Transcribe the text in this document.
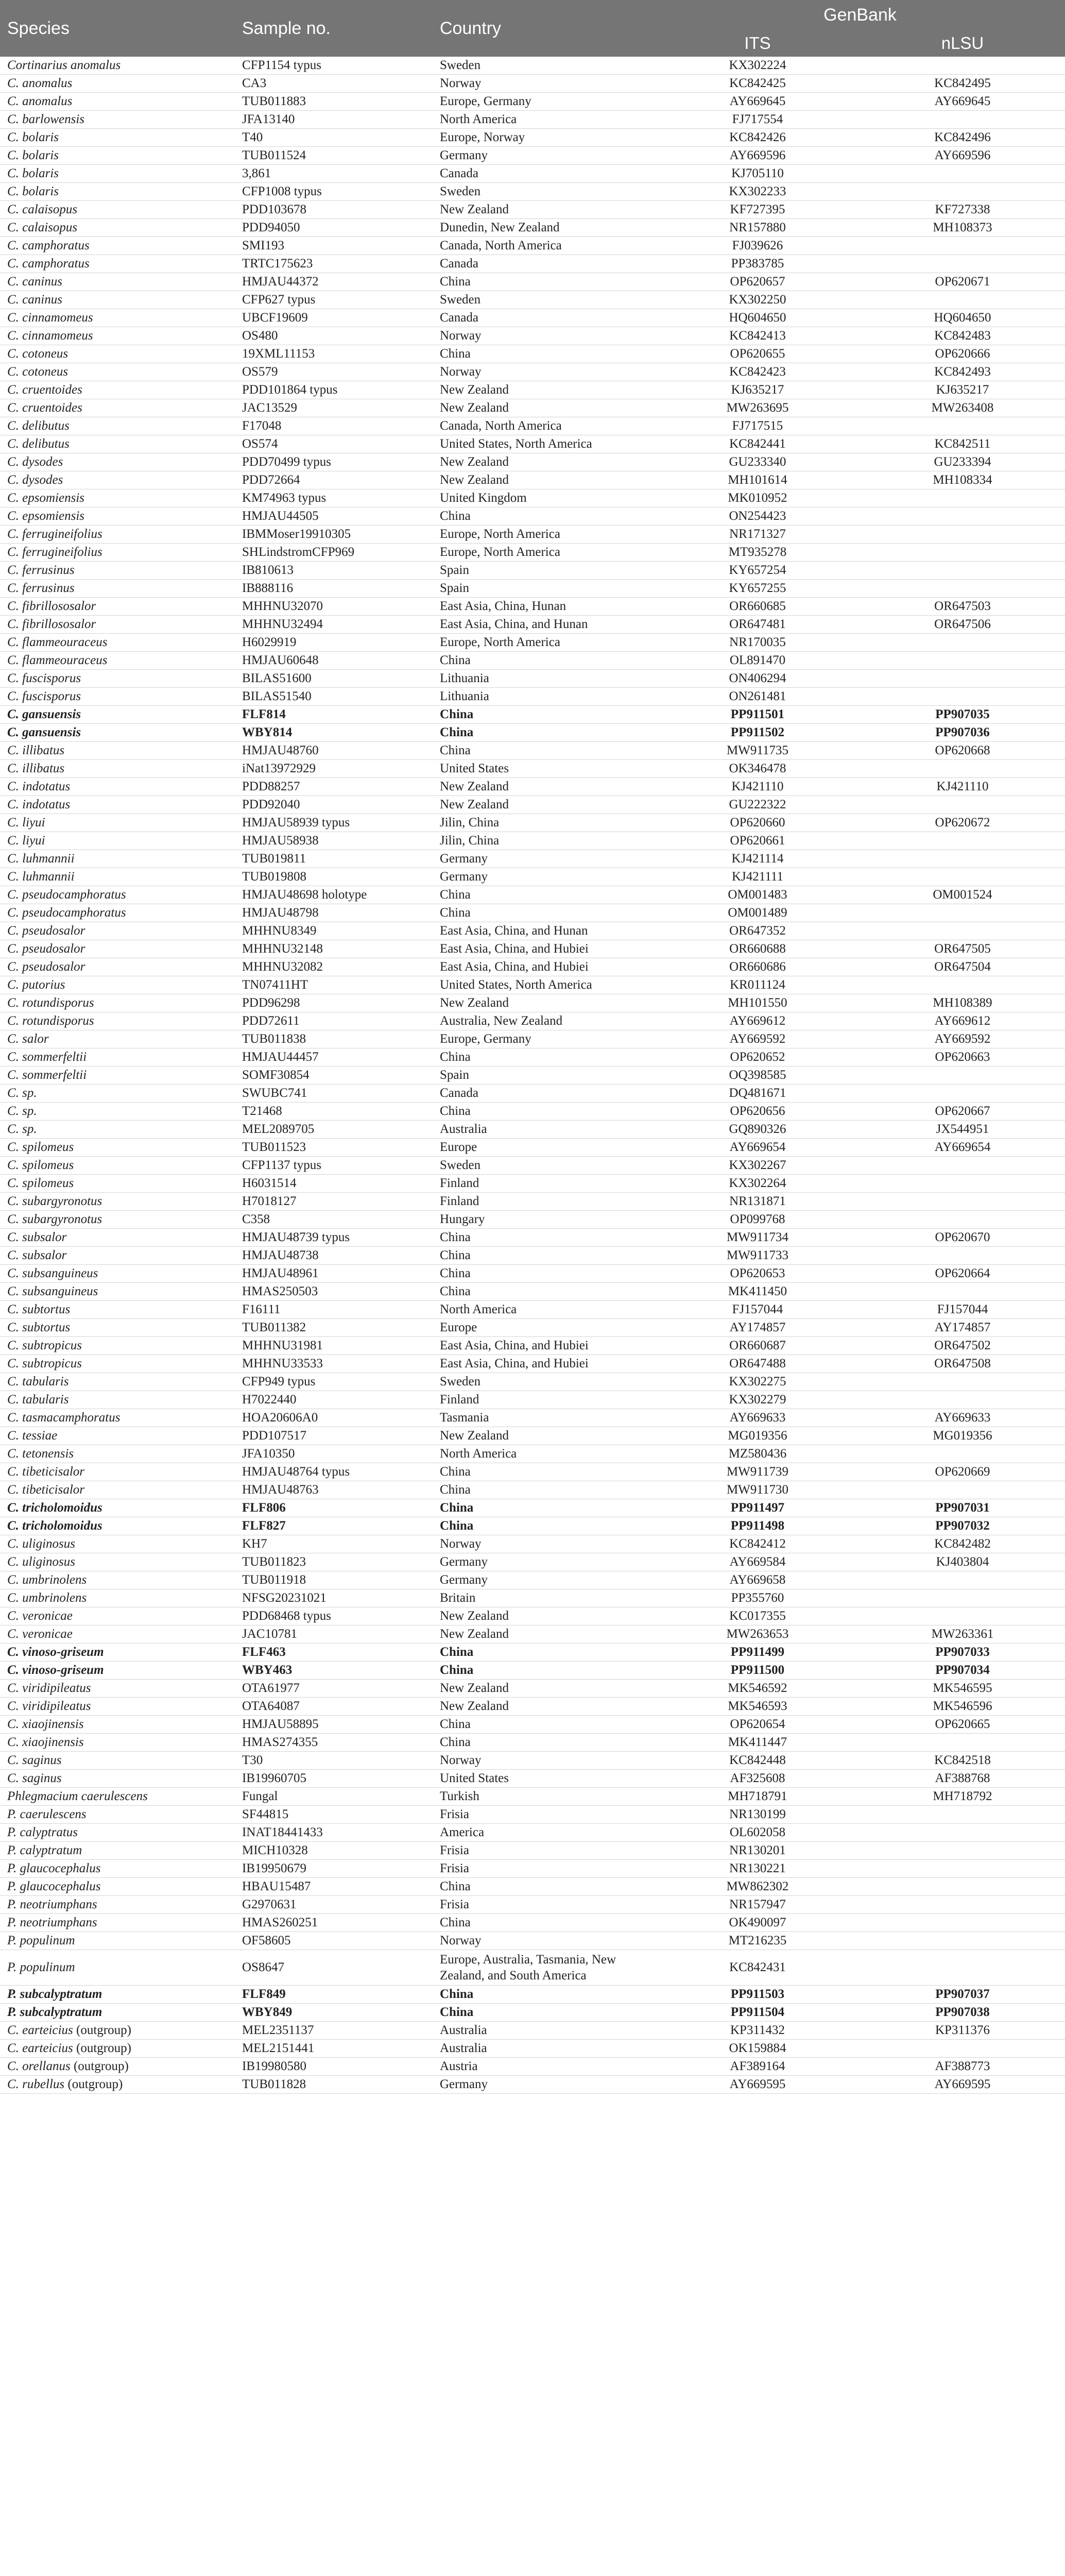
Species	Sample no.	Country	GenBank	
			ITS	nLSU
Cortinarius anomalus	CFP1154 typus	Sweden	KX302224	
C. anomalus	CA3	Norway	KC842425	KC842495
C. anomalus	TUB011883	Europe, Germany	AY669645	AY669645
C. barlowensis	JFA13140	North America	FJ717554	
C. bolaris	T40	Europe, Norway	KC842426	KC842496
C. bolaris	TUB011524	Germany	AY669596	AY669596
C. bolaris	3,861	Canada	KJ705110	
C. bolaris	CFP1008 typus	Sweden	KX302233	
C. calaisopus	PDD103678	New Zealand	KF727395	KF727338
C. calaisopus	PDD94050	Dunedin, New Zealand	NR157880	MH108373
C. camphoratus	SMI193	Canada, North America	FJ039626	
C. camphoratus	TRTC175623	Canada	PP383785	
C. caninus	HMJAU44372	China	OP620657	OP620671
C. caninus	CFP627 typus	Sweden	KX302250	
C. cinnamomeus	UBCF19609	Canada	HQ604650	HQ604650
C. cinnamomeus	OS480	Norway	KC842413	KC842483
C. cotoneus	19XML11153	China	OP620655	OP620666
C. cotoneus	OS579	Norway	KC842423	KC842493
C. cruentoides	PDD101864 typus	New Zealand	KJ635217	KJ635217
C. cruentoides	JAC13529	New Zealand	MW263695	MW263408
C. delibutus	F17048	Canada, North America	FJ717515	
C. delibutus	OS574	United States, North America	KC842441	KC842511
C. dysodes	PDD70499 typus	New Zealand	GU233340	GU233394
C. dysodes	PDD72664	New Zealand	MH101614	MH108334
C. epsomiensis	KM74963 typus	United Kingdom	MK010952	
C. epsomiensis	HMJAU44505	China	ON254423	
C. ferrugineifolius	IBMMoser19910305	Europe, North America	NR171327	
C. ferrugineifolius	SHLindstromCFP969	Europe, North America	MT935278	
C. ferrusinus	IB810613	Spain	KY657254	
C. ferrusinus	IB888116	Spain	KY657255	
C. fibrillososalor	MHHNU32070	East Asia, China, Hunan	OR660685	OR647503
C. fibrillososalor	MHHNU32494	East Asia, China, and Hunan	OR647481	OR647506
C. flammeouraceus	H6029919	Europe, North America	NR170035	
C. flammeouraceus	HMJAU60648	China	OL891470	
C. fuscisporus	BILAS51600	Lithuania	ON406294	
C. fuscisporus	BILAS51540	Lithuania	ON261481	
C. gansuensis	FLF814	China	PP911501	PP907035
C. gansuensis	WBY814	China	PP911502	PP907036
C. illibatus	HMJAU48760	China	MW911735	OP620668
C. illibatus	iNat13972929	United States	OK346478	
C. indotatus	PDD88257	New Zealand	KJ421110	KJ421110
C. indotatus	PDD92040	New Zealand	GU222322	
C. liyui	HMJAU58939 typus	Jilin, China	OP620660	OP620672
C. liyui	HMJAU58938	Jilin, China	OP620661	
C. luhmannii	TUB019811	Germany	KJ421114	
C. luhmannii	TUB019808	Germany	KJ421111	
C. pseudocamphoratus	HMJAU48698 holotype	China	OM001483	OM001524
C. pseudocamphoratus	HMJAU48798	China	OM001489	
C. pseudosalor	MHHNU8349	East Asia, China, and Hunan	OR647352	
C. pseudosalor	MHHNU32148	East Asia, China, and Hubiei	OR660688	OR647505
C. pseudosalor	MHHNU32082	East Asia, China, and Hubiei	OR660686	OR647504
C. putorius	TN07411HT	United States, North America	KR011124	
C. rotundisporus	PDD96298	New Zealand	MH101550	MH108389
C. rotundisporus	PDD72611	Australia, New Zealand	AY669612	AY669612
C. salor	TUB011838	Europe, Germany	AY669592	AY669592
C. sommerfeltii	HMJAU44457	China	OP620652	OP620663
C. sommerfeltii	SOMF30854	Spain	OQ398585	
C. sp.	SWUBC741	Canada	DQ481671	
C. sp.	T21468	China	OP620656	OP620667
C. sp.	MEL2089705	Australia	GQ890326	JX544951
C. spilomeus	TUB011523	Europe	AY669654	AY669654
C. spilomeus	CFP1137 typus	Sweden	KX302267	
C. spilomeus	H6031514	Finland	KX302264	
C. subargyronotus	H7018127	Finland	NR131871	
C. subargyronotus	C358	Hungary	OP099768	
C. subsalor	HMJAU48739 typus	China	MW911734	OP620670
C. subsalor	HMJAU48738	China	MW911733	
C. subsanguineus	HMJAU48961	China	OP620653	OP620664
C. subsanguineus	HMAS250503	China	MK411450	
C. subtortus	F16111	North America	FJ157044	FJ157044
C. subtortus	TUB011382	Europe	AY174857	AY174857
C. subtropicus	MHHNU31981	East Asia, China, and Hubiei	OR660687	OR647502
C. subtropicus	MHHNU33533	East Asia, China, and Hubiei	OR647488	OR647508
C. tabularis	CFP949 typus	Sweden	KX302275	
C. tabularis	H7022440	Finland	KX302279	
C. tasmacamphoratus	HOA20606A0	Tasmania	AY669633	AY669633
C. tessiae	PDD107517	New Zealand	MG019356	MG019356
C. tetonensis	JFA10350	North America	MZ580436	
C. tibeticisalor	HMJAU48764 typus	China	MW911739	OP620669
C. tibeticisalor	HMJAU48763	China	MW911730	
C. tricholomoidus	FLF806	China	PP911497	PP907031
C. tricholomoidus	FLF827	China	PP911498	PP907032
C. uliginosus	KH7	Norway	KC842412	KC842482
C. uliginosus	TUB011823	Germany	AY669584	KJ403804
C. umbrinolens	TUB011918	Germany	AY669658	
C. umbrinolens	NFSG20231021	Britain	PP355760	
C. veronicae	PDD68468 typus	New Zealand	KC017355	
C. veronicae	JAC10781	New Zealand	MW263653	MW263361
C. vinoso-griseum	FLF463	China	PP911499	PP907033
C. vinoso-griseum	WBY463	China	PP911500	PP907034
C. viridipileatus	OTA61977	New Zealand	MK546592	MK546595
C. viridipileatus	OTA64087	New Zealand	MK546593	MK546596
C. xiaojinensis	HMJAU58895	China	OP620654	OP620665
C. xiaojinensis	HMAS274355	China	MK411447	
C. saginus	T30	Norway	KC842448	KC842518
C. saginus	IB19960705	United States	AF325608	AF388768
Phlegmacium caerulescens	Fungal	Turkish	MH718791	MH718792
P. caerulescens	SF44815	Frisia	NR130199	
P. calyptratus	INAT18441433	America	OL602058	
P. calyptratum	MICH10328	Frisia	NR130201	
P. glaucocephalus	IB19950679	Frisia	NR130221	
P. glaucocephalus	HBAU15487	China	MW862302	
P. neotriumphans	G2970631	Frisia	NR157947	
P. neotriumphans	HMAS260251	China	OK490097	
P. populinum	OF58605	Norway	MT216235	
P. populinum	OS8647	Europe, Australia, Tasmania, New Zealand, and South America	KC842431	
P. subcalyptratum	FLF849	China	PP911503	PP907037
P. subcalyptratum	WBY849	China	PP911504	PP907038
C. earteicius (outgroup)	MEL2351137	Australia	KP311432	KP311376
C. earteicius (outgroup)	MEL2151441	Australia	OK159884	
C. orellanus (outgroup)	IB19980580	Austria	AF389164	AF388773
C. rubellus (outgroup)	TUB011828	Germany	AY669595	AY669595
